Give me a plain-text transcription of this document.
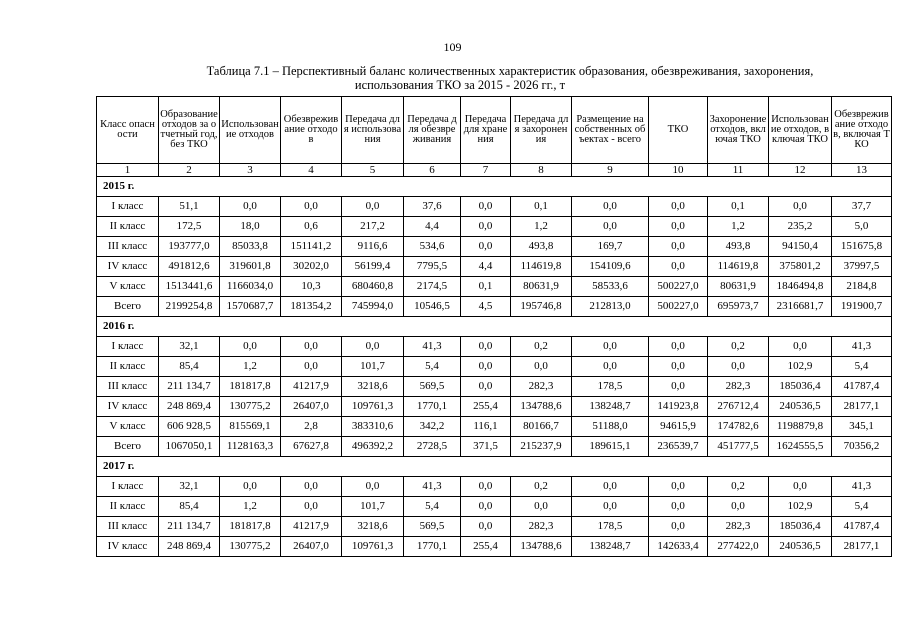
109
Таблица 7.1 – Перспективный баланс количественных характеристик образования, обезвреживания, захоронения,
использования ТКО за 2015 - 2026 гг., т
Класс опасности	Образование отходов за отчетный год, без ТКО	Использование отходов	Обезвреживание отходов	Передача для использования	Передача для обезвреживания	Передача для хранения	Передача для захоронения	Размещение на собственных объектах - всего	ТКО	Захоронение отходов, включая ТКО	Использование отходов, включая ТКО	Обезвреживание отходов, включая ТКО
1	2	3	4	5	6	7	8	9	10	11	12	13
2015 г.												
I класс	51,1	0,0	0,0	0,0	37,6	0,0	0,1	0,0	0,0	0,1	0,0	37,7
II класс	172,5	18,0	0,6	217,2	4,4	0,0	1,2	0,0	0,0	1,2	235,2	5,0
III класс	193777,0	85033,8	151141,2	9116,6	534,6	0,0	493,8	169,7	0,0	493,8	94150,4	151675,8
IV класс	491812,6	319601,8	30202,0	56199,4	7795,5	4,4	114619,8	154109,6	0,0	114619,8	375801,2	37997,5
V класс	1513441,6	1166034,0	10,3	680460,8	2174,5	0,1	80631,9	58533,6	500227,0	80631,9	1846494,8	2184,8
Всего	2199254,8	1570687,7	181354,2	745994,0	10546,5	4,5	195746,8	212813,0	500227,0	695973,7	2316681,7	191900,7
2016 г.												
I класс	32,1	0,0	0,0	0,0	41,3	0,0	0,2	0,0	0,0	0,2	0,0	41,3
II класс	85,4	1,2	0,0	101,7	5,4	0,0	0,0	0,0	0,0	0,0	102,9	5,4
III класс	211 134,7	181817,8	41217,9	3218,6	569,5	0,0	282,3	178,5	0,0	282,3	185036,4	41787,4
IV класс	248 869,4	130775,2	26407,0	109761,3	1770,1	255,4	134788,6	138248,7	141923,8	276712,4	240536,5	28177,1
V класс	606 928,5	815569,1	2,8	383310,6	342,2	116,1	80166,7	51188,0	94615,9	174782,6	1198879,8	345,1
Всего	1067050,1	1128163,3	67627,8	496392,2	2728,5	371,5	215237,9	189615,1	236539,7	451777,5	1624555,5	70356,2
2017 г.												
I класс	32,1	0,0	0,0	0,0	41,3	0,0	0,2	0,0	0,0	0,2	0,0	41,3
II класс	85,4	1,2	0,0	101,7	5,4	0,0	0,0	0,0	0,0	0,0	102,9	5,4
III класс	211 134,7	181817,8	41217,9	3218,6	569,5	0,0	282,3	178,5	0,0	282,3	185036,4	41787,4
IV класс	248 869,4	130775,2	26407,0	109761,3	1770,1	255,4	134788,6	138248,7	142633,4	277422,0	240536,5	28177,1
